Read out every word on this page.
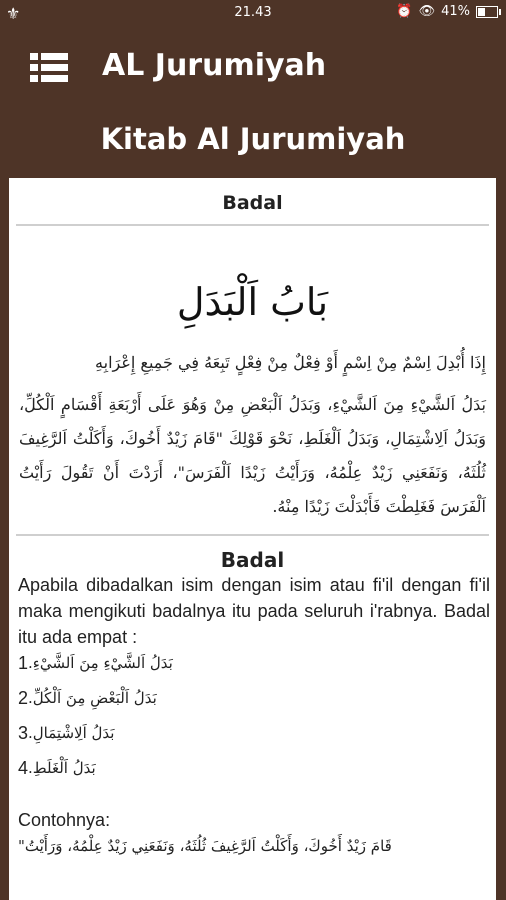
⚜	21.43	⏰ 👁 41%
AL Jurumiyah
Kitab Al Jurumiyah
Badal
بَابُ اَلْبَدَلِ
إِذَا أُبْدِلَ اِسْمٌ مِنْ اِسْمٍ أَوْ فِعْلٌ مِنْ فِعْلٍ تَبِعَهُ فِي جَمِيعِ إِعْرَابِهِ
بَدَلُ اَلشَّيْءِ مِنَ اَلشَّيْءِ، وَبَدَلُ اَلْبَعْضِ مِنْ وَهُوَ عَلَى أَرْبَعَةِ أَقْسَامٍ اَلْكُلِّ، وَبَدَلُ اَلِاشْتِمَالِ، وَبَدَلُ اَلْغَلَطِ، نَحْوَ قَوْلِكَ "قَامَ زَيْدٌ أَخُوكَ، وَأَكَلْتُ اَلرَّغِيفَ ثُلُثَهُ، وَنَفَعَنِي زَيْدٌ عِلْمُهُ، وَرَأَيْتُ زَيْدًا اَلْفَرَسَ"، أَرَدْتَ أَنْ تَقُولَ رَأَيْتُ اَلْفَرَسَ فَغَلِطْتَ فَأَبْدَلْتَ زَيْدًا مِنْهُ.
Badal
Apabila dibadalkan isim dengan isim atau fi'il dengan fi'il maka mengikuti badalnya itu pada seluruh i'rabnya. Badal itu ada empat :
1 بَدَلُ اَلشَّيْءِ مِنَ اَلشَّيْءِ.
2 بَدَلُ اَلْبَعْضِ مِنَ اَلْكُلِّ.
3 بَدَلُ اَلِاشْتِمَالِ.
4 بَدَلُ اَلْغَلَطِ.
Contohnya:
"قَامَ زَيْدٌ أَخُوكَ، وَأَكَلْتُ اَلرَّغِيفَ ثُلُثَهُ، وَنَفَعَنِي زَيْدٌ عِلْمُهُ، وَرَأَيْتُ
